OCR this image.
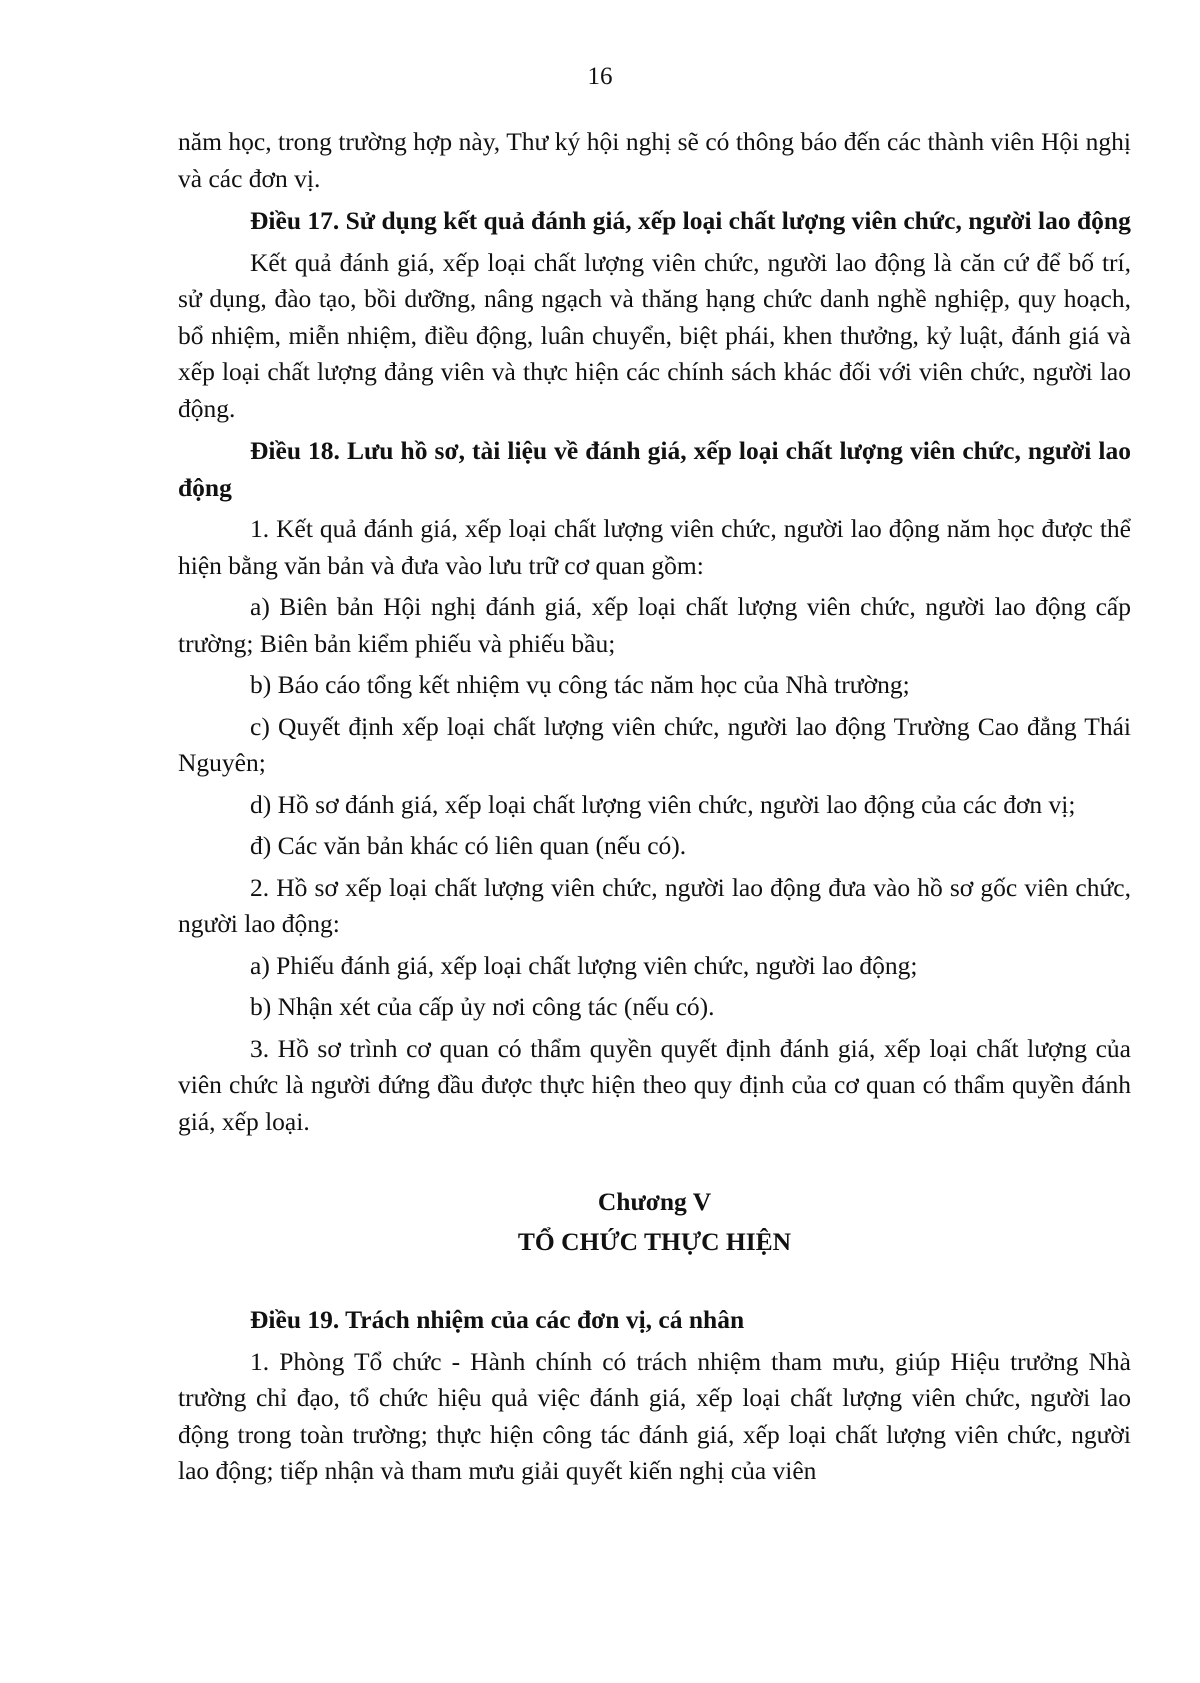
16

năm học, trong trường hợp này, Thư ký hội nghị sẽ có thông báo đến các thành viên Hội nghị và các đơn vị.

Điều 17. Sử dụng kết quả đánh giá, xếp loại chất lượng viên chức, người lao động

Kết quả đánh giá, xếp loại chất lượng viên chức, người lao động là căn cứ để bố trí, sử dụng, đào tạo, bồi dưỡng, nâng ngạch và thăng hạng chức danh nghề nghiệp, quy hoạch, bổ nhiệm, miễn nhiệm, điều động, luân chuyển, biệt phái, khen thưởng, kỷ luật, đánh giá và xếp loại chất lượng đảng viên và thực hiện các chính sách khác đối với viên chức, người lao động.

Điều 18. Lưu hồ sơ, tài liệu về đánh giá, xếp loại chất lượng viên chức, người lao động

1. Kết quả đánh giá, xếp loại chất lượng viên chức, người lao động năm học được thể hiện bằng văn bản và đưa vào lưu trữ cơ quan gồm:

a) Biên bản Hội nghị đánh giá, xếp loại chất lượng viên chức, người lao động cấp trường; Biên bản kiểm phiếu và phiếu bầu;

b) Báo cáo tổng kết nhiệm vụ công tác năm học của Nhà trường;

c) Quyết định xếp loại chất lượng viên chức, người lao động Trường Cao đẳng Thái Nguyên;

d) Hồ sơ đánh giá, xếp loại chất lượng viên chức, người lao động của các đơn vị;

đ) Các văn bản khác có liên quan (nếu có).

2. Hồ sơ xếp loại chất lượng viên chức, người lao động đưa vào hồ sơ gốc viên chức, người lao động:

a) Phiếu đánh giá, xếp loại chất lượng viên chức, người lao động;

b) Nhận xét của cấp ủy nơi công tác (nếu có).

3. Hồ sơ trình cơ quan có thẩm quyền quyết định đánh giá, xếp loại chất lượng của viên chức là người đứng đầu được thực hiện theo quy định của cơ quan có thẩm quyền đánh giá, xếp loại.

Chương V

TỔ CHỨC THỰC HIỆN

Điều 19. Trách nhiệm của các đơn vị, cá nhân

1. Phòng Tổ chức - Hành chính có trách nhiệm tham mưu, giúp Hiệu trưởng Nhà trường chỉ đạo, tổ chức hiệu quả việc đánh giá, xếp loại chất lượng viên chức, người lao động trong toàn trường; thực hiện công tác đánh giá, xếp loại chất lượng viên chức, người lao động; tiếp nhận và tham mưu giải quyết kiến nghị của viên
